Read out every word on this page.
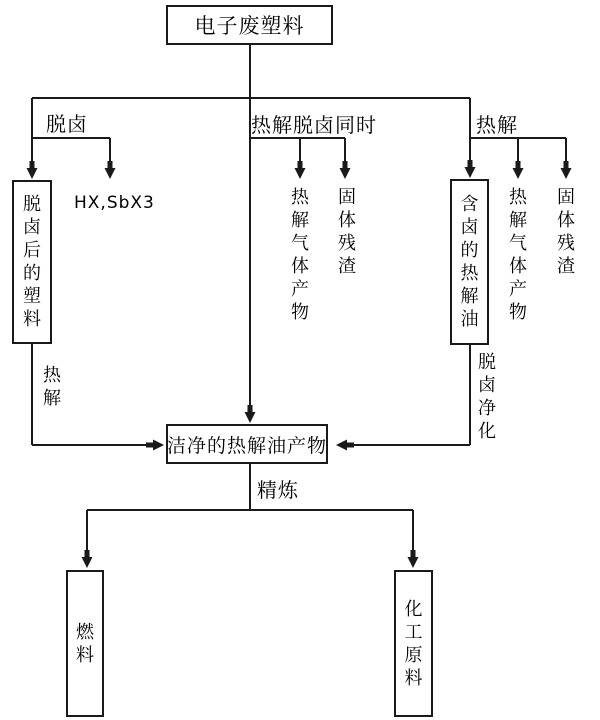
电子废塑料
脱卤后的塑料
含卤的热解油
洁净的热解油产物
燃料
化工原料
脱卤	热解脱卤同时	热解
HX,SbX3
精炼
热解气体产物
固体残渣
热解气体产物
固体残渣
热解
脱卤净化
